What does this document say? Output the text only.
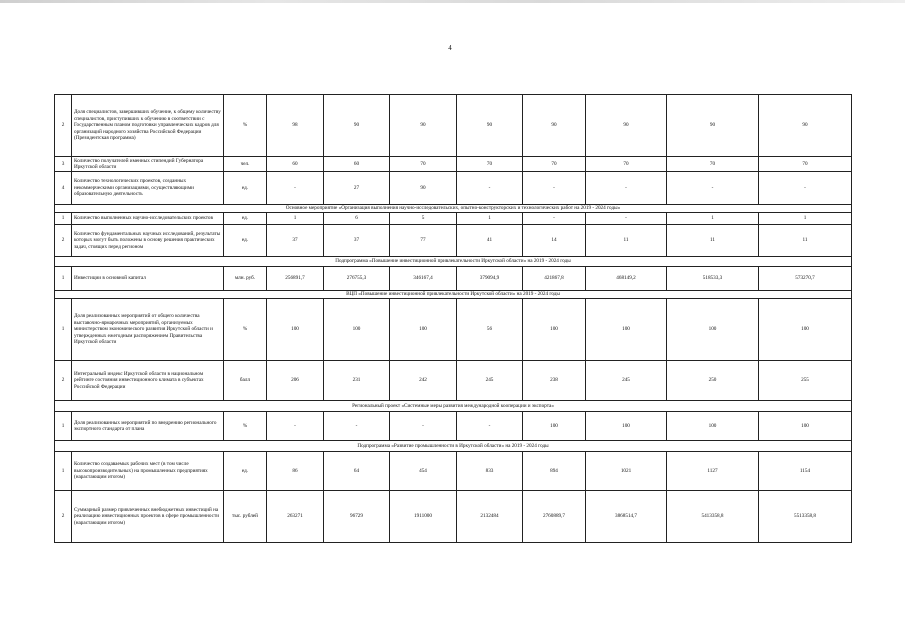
4
2	Доля специалистов, завершивших обучение, к общему количеству специалистов, приступивших к обучению в соответствии с Государственным планом подготовки управленческих кадров для организаций народного хозяйства Российской Федерации (Президентская программа)	%	98	90	90	90	90	90	90	90
3	Количество получателей именных стипендий Губернатора Иркутской области	чел.	60	60	70	70	70	70	70	70
4	Количество технологических проектов, созданных некоммерческими организациями, осуществляющими образовательную деятельность	ед.	-	27	90	-	-	-	-	-
Основное мероприятие «Организация выполнения научно-исследовательских, опытно-конструкторских и технологических работ на 2019 - 2024 годы»										
1	Количество выполненных научно-исследовательских проектов	ед.	1	6	5	1	-	-	1	1
2	Количество фундаментальных научных исследований, результаты которых могут быть положены в основу решения практических задач, стоящих перед регионом	ед.	37	37	77	41	14	11	11	11
Подпрограмма «Повышение инвестиционной привлекательности Иркутской области» на 2019 - 2024 годы										
1	Инвестиции в основной капитал	млн. руб.	256891,7	276755,3	346167,4	379094,9	421867,8	468149,2	518533,3	573270,7
ВЦП «Повышение инвестиционной привлекательности Иркутской области» на 2019 - 2024 годы										
1	Доля реализованных мероприятий от общего количества выставочно-ярмарочных мероприятий, организуемых министерством экономического развития Иркутской области и утвержденных ежегодным распоряжением Правительства Иркутской области	%	100	100	100	56	100	100	100	100
2	Интегральный индекс Иркутской области в национальном рейтинге состояния инвестиционного климата в субъектах Российской Федерации	балл	206	231	242	245	238	245	250	255
Региональный проект «Системные меры развития международной кооперации и экспорта»										
1	Доля реализованных мероприятий по внедрению регионального экспортного стандарта от плана	%	-	-	-	-	100	100	100	100
Подпрограмма «Развитие промышленности в Иркутской области» на 2019 - 2024 годы										
1	Количество создаваемых рабочих мест (в том числе высокопроизводительных) на промышленных предприятиях (нарастающим итогом)	ед.	86	64	454	833	894	1021	1127	1154
2	Суммарный размер привлеченных внебюджетных инвестиций на реализацию инвестиционных проектов в сфере промышленности (нарастающим итогом)	тыс. рублей	263271	96729	1911000	2132484	2760889,7	3868514,7	5413358,8	5513358,8
